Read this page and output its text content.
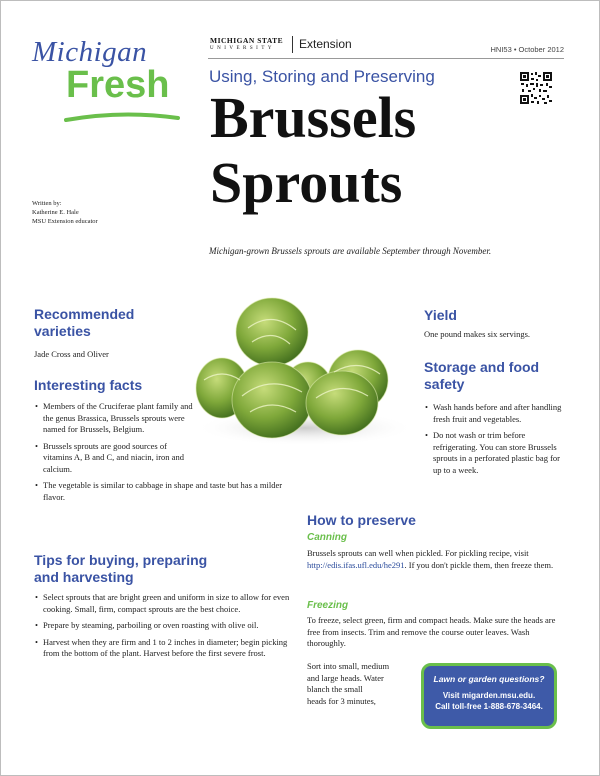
Michigan
Fresh
MICHIGAN STATE
UNIVERSITY	Extension	HNI53 • October 2012
Using, Storing and Preserving
Brussels
Sprouts
Written by:
Katherine E. Hale
MSU Extension educator
Michigan-grown Brussels sprouts are available September through November.
Recommended
varieties
Jade Cross and Oliver
Interesting facts
• Members of the Cruciferae plant family and the genus Brassica, Brussels sprouts were named for Brussels, Belgium.
• Brussels sprouts are good sources of vitamins A, B and C, and niacin, iron and calcium.
• The vegetable is similar to cabbage in shape and taste but has a milder flavor.
Tips for buying, preparing
and harvesting
• Select sprouts that are bright green and uniform in size to allow for even cooking. Small, firm, compact sprouts are the best choice.
• Prepare by steaming, parboiling or oven roasting with olive oil.
• Harvest when they are firm and 1 to 2 inches in diameter; begin picking from the bottom of the plant. Harvest before the first severe frost.
Yield
One pound makes six servings.
Storage and food
safety
• Wash hands before and after handling fresh fruit and vegetables.
• Do not wash or trim before refrigerating. You can store Brussels sprouts in a perforated plastic bag for up to a week.
How to preserve
Canning
Brussels sprouts can well when pickled. For pickling recipe, visit http://edis.ifas.ufl.edu/he291. If you don't pickle them, then freeze them.
Freezing
To freeze, select green, firm and compact heads. Make sure the heads are free from insects. Trim and remove the course outer leaves. Wash thoroughly.
Sort into small, medium
and large heads. Water
blanch the small
heads for 3 minutes,
Lawn or garden questions?
Visit migarden.msu.edu.
Call toll-free 1-888-678-3464.
